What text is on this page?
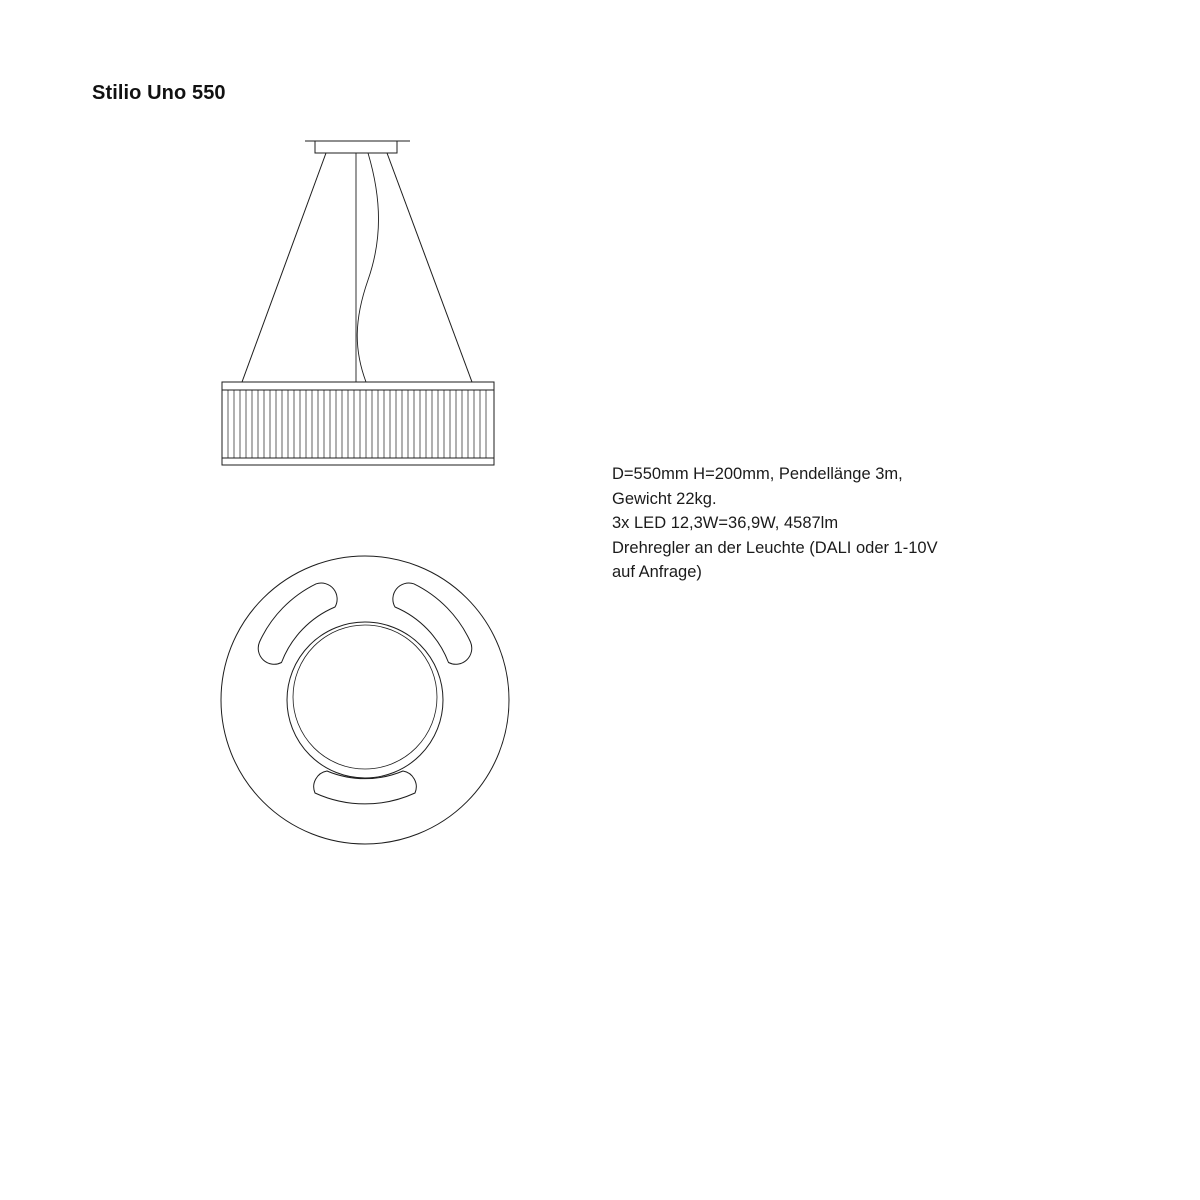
Stilio Uno 550
D=550mm H=200mm, Pendellänge 3m,
Gewicht 22kg.
3x LED 12,3W=36,9W, 4587lm
Drehregler an der Leuchte (DALI oder 1-10V
auf Anfrage)
